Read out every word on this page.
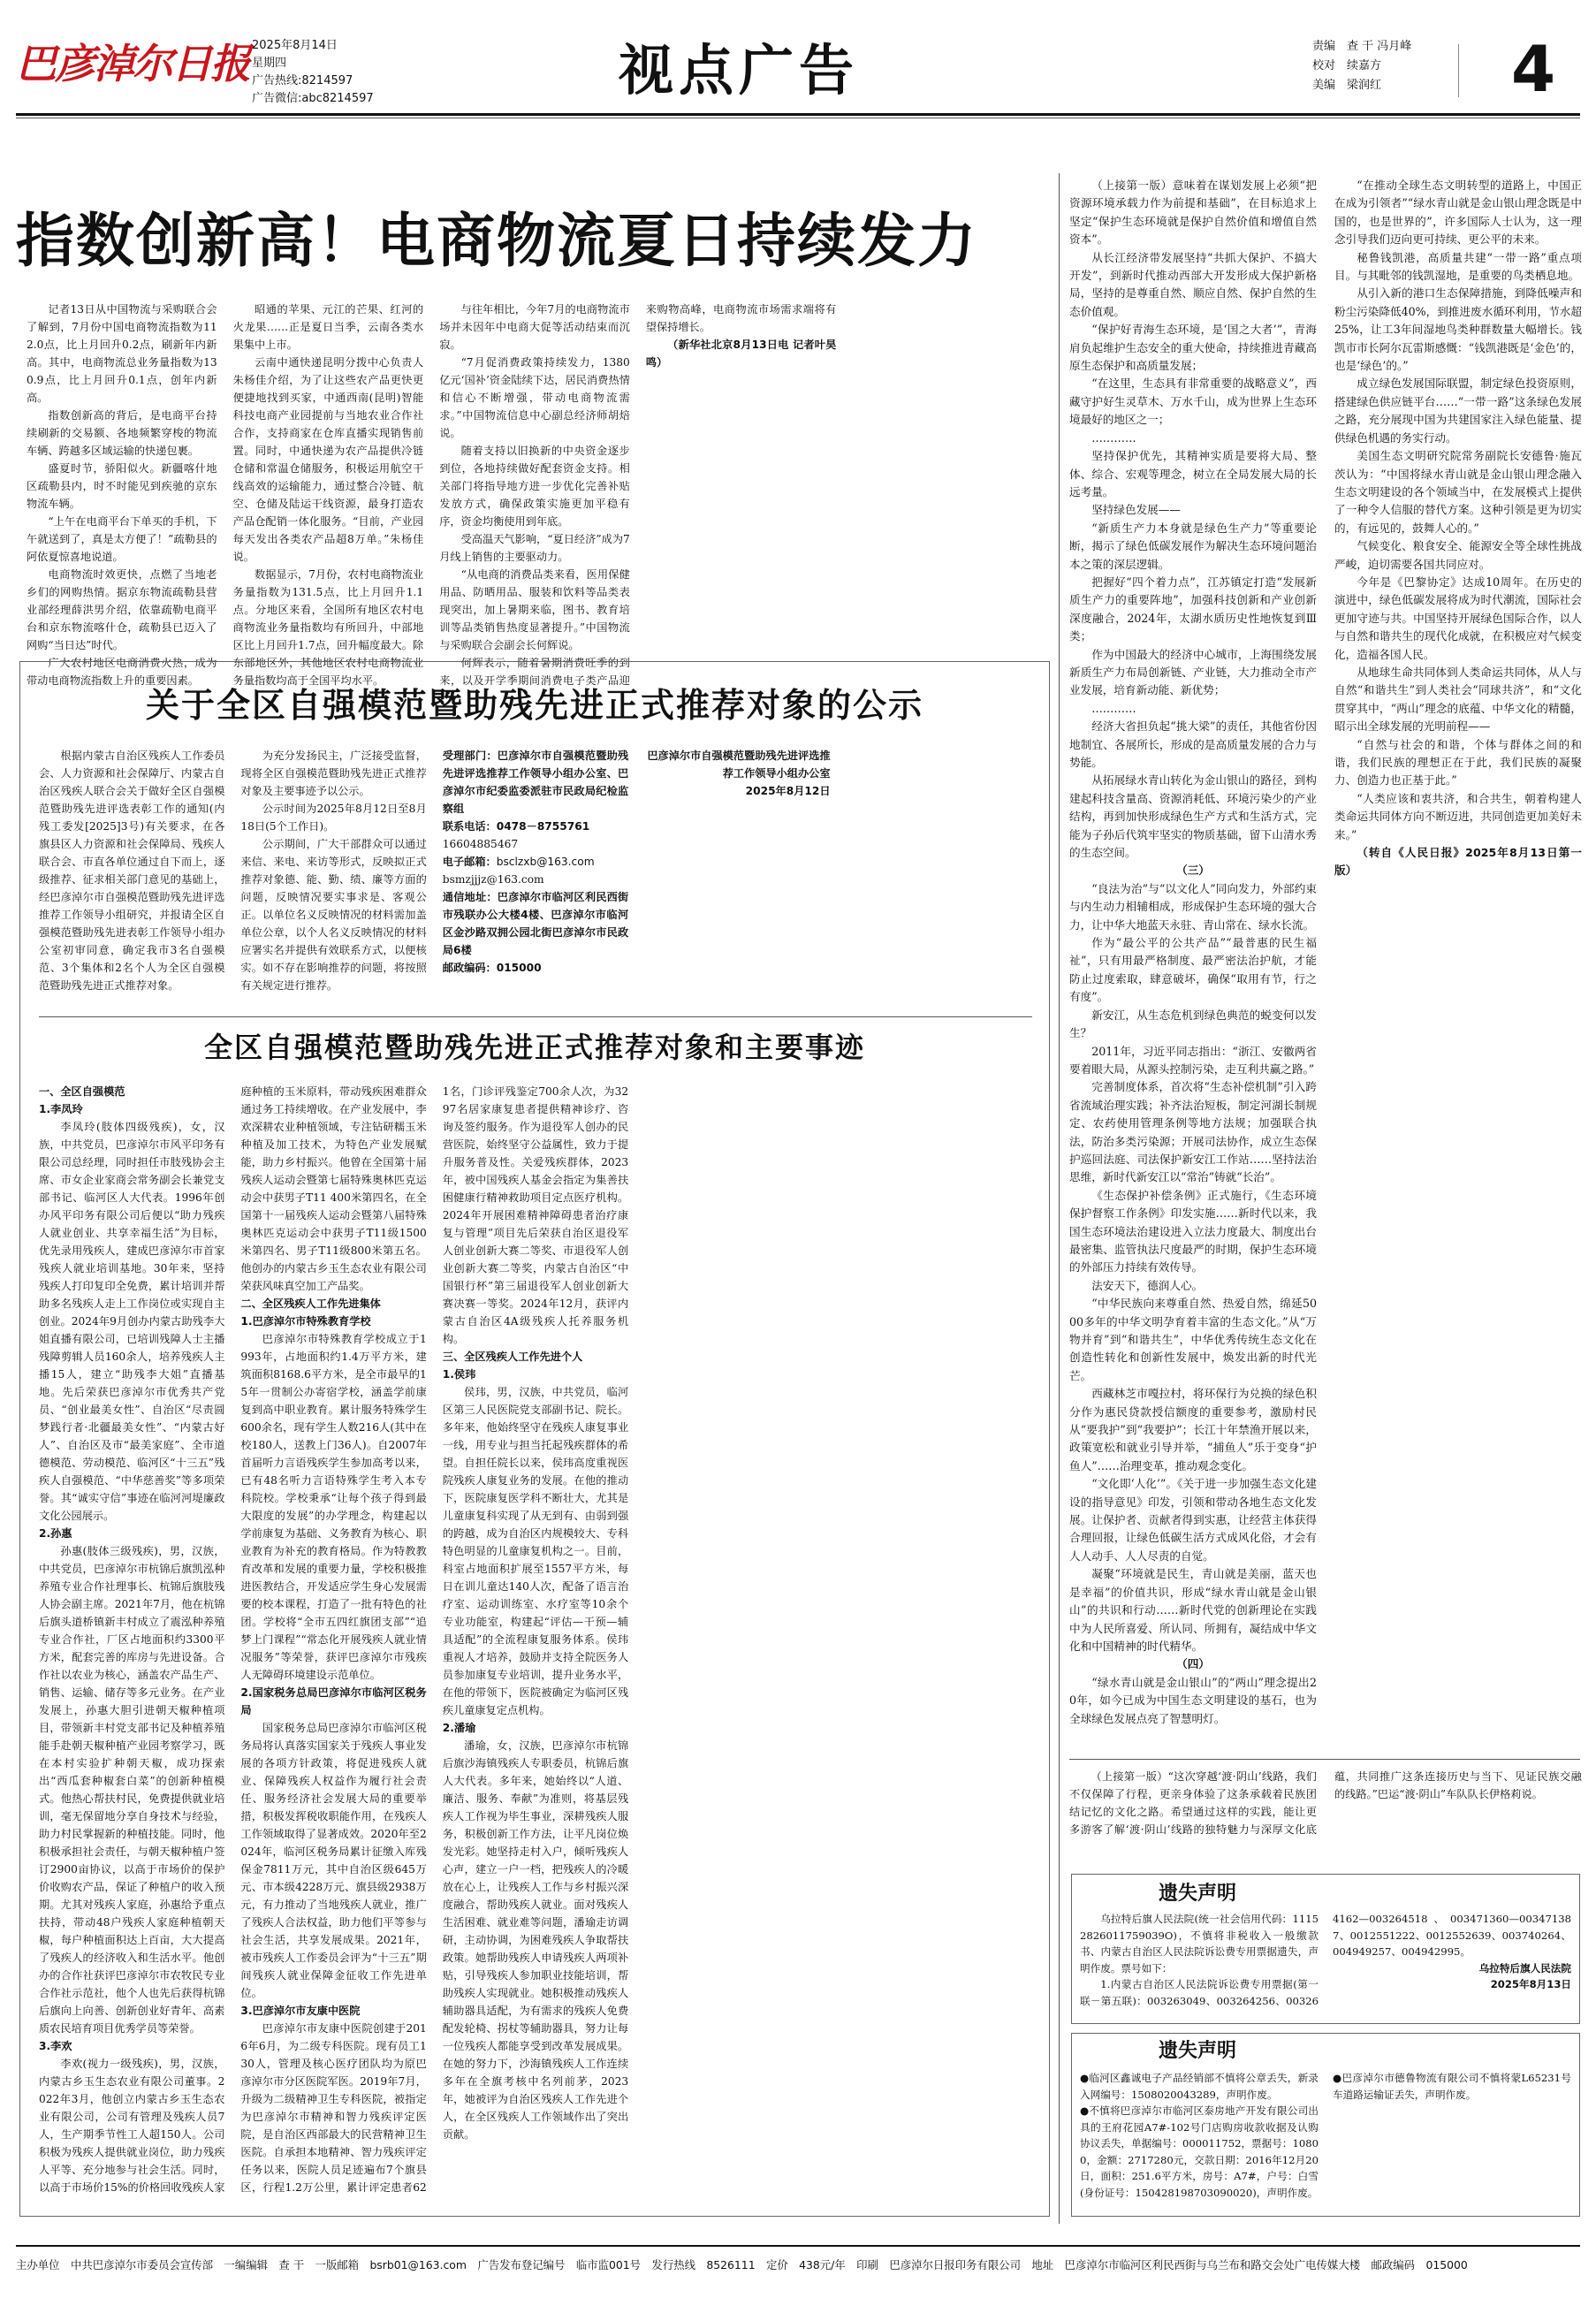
巴彦淖尔日报 2025年8月14日
星期四
广告热线:8214597
广告微信:abc8214597	视点广告	责编　 查 干 冯月峰
校对　 续嘉方
美编　 梁润红	4
指数创新高！电商物流夏日持续发力

记者13日从中国物流与采购联合会了解到，7月份中国电商物流指数为112.0点，比上月回升0.2点，刷新年内新高。其中，电商物流总业务量指数为130.9点，比上月回升0.1点，创年内新高。

指数创新高的背后，是电商平台持续刷新的交易额、各地频繁穿梭的物流车辆、跨越多区域运输的快递包裹。

盛夏时节，骄阳似火。新疆喀什地区疏勒县内，时不时能见到疾驰的京东物流车辆。

“上午在电商平台下单买的手机，下午就送到了，真是太方便了！”疏勒县的阿依夏惊喜地说道。

电商物流时效更快，点燃了当地老乡们的网购热情。据京东物流疏勒县营业部经理薛洪男介绍，依靠疏勒电商平台和京东物流喀什仓，疏勒县已迈入了网购“当日达”时代。

广大农村地区电商消费火热，成为带动电商物流指数上升的重要因素。

昭通的苹果、元江的芒果、红河的火龙果……正是夏日当季，云南各类水果集中上市。

云南中通快递昆明分拨中心负责人朱杨佳介绍，为了让这些农产品更快更便捷地找到买家，中通西南(昆明)智能科技电商产业园提前与当地农业合作社合作，支持商家在仓库直播实现销售前置。同时，中通快递为农产品提供冷链仓储和常温仓储服务，积极运用航空干线高效的运输能力，通过整合冷链、航空、仓储及陆运干线资源，最身打造农产品仓配销一体化服务。“目前，产业园每天发出各类农产品超8万单。”朱杨佳说。

数据显示，7月份，农村电商物流业务量指数为131.5点，比上月回升1.1点。分地区来看，全国所有地区农村电商物流业务量指数均有所回升，中部地区比上月回升1.7点，回升幅度最大。除东部地区外，其他地区农村电商物流业务量指数均高于全国平均水平。

与往年相比，今年7月的电商物流市场并未因年中电商大促等活动结束而沉寂。

“7月促消费政策持续发力，1380亿元‘国补’资金陆续下达，居民消费热情和信心不断增强，带动电商物流需求。”中国物流信息中心副总经济师胡焙说。

随着支持以旧换新的中央资金逐步到位，各地持续做好配套资金支持。相关部门将指导地方进一步优化完善补贴发放方式，确保政策实施更加平稳有序，资金均衡使用到年底。

受高温天气影响，“夏日经济”成为7月线上销售的主要驱动力。

“从电商的消费品类来看，医用保健用品、防晒用品、服装和饮料等品类表现突出，加上暑期来临，图书、教育培训等品类销售热度显著提升。”中国物流与采购联合会副会长何辉说。

何辉表示，随着暑期消费旺季的到来，以及开学季期间消费电子类产品迎来购物高峰，电商物流市场需求端将有望保持增长。

（新华社北京8月13日电 记者叶昊鸣）

关于全区自强模范暨助残先进正式推荐对象的公示

根据内蒙古自治区残疾人工作委员会、人力资源和社会保障厅、内蒙古自治区残疾人联合会关于做好全区自强模范暨助残先进评选表彰工作的通知(内残工委发[2025]3号)有关要求，在各旗县区人力资源和社会保障局、残疾人联合会、市直各单位通过自下而上，逐级推荐、征求相关部门意见的基础上，经巴彦淖尔市自强模范暨助残先进评选推荐工作领导小组研究，并报请全区自强模范暨助残先进表彰工作领导小组办公室初审同意，确定我市3名自强模范、3个集体和2名个人为全区自强模范暨助残先进正式推荐对象。

为充分发扬民主，广泛接受监督，现将全区自强模范暨助残先进正式推荐对象及主要事迹予以公示。

公示时间为2025年8月12日至8月18日(5个工作日)。

公示期间，广大干部群众可以通过来信、来电、来访等形式，反映拟正式推荐对象德、能、勤、绩、廉等方面的问题，反映情况要实事求是、客观公正。以单位名义反映情况的材料需加盖单位公章，以个人名义反映情况的材料应署实名并提供有效联系方式，以便核实。如不存在影响推荐的问题，将按照有关规定进行推荐。

受理部门：巴彦淖尔市自强模范暨助残先进评选推荐工作领导小组办公室、巴彦淖尔市纪委监委派驻市民政局纪检监察组

联系电话：0478－8755761

16604885467

电子邮箱：bsclzxb@163.com

bsmzjjjz@163.com

通信地址：巴彦淖尔市临河区利民西街市残联办公大楼4楼、巴彦淖尔市临河区金沙路双拥公园北街巴彦淖尔市民政局6楼

邮政编码：015000

巴彦淖尔市自强模范暨助残先进评选推荐工作领导小组办公室

2025年8月12日

全区自强模范暨助残先进正式推荐对象和主要事迹

一、全区自强模范

1.李凤玲

李凤玲(肢体四级残疾)，女，汉族，中共党员，巴彦淖尔市风平印务有限公司总经理，同时担任市肢残协会主席、市女企业家商会常务副会长兼党支部书记、临河区人大代表。1996年创办风平印务有限公司后便以“助力残疾人就业创业、共享幸福生活”为目标，优先录用残疾人，建成巴彦淖尔市首家残疾人就业培训基地。30年来，坚持残疾人打印复印全免费，累计培训并帮助多名残疾人走上工作岗位或实现自主创业。2024年9月创办内蒙古助残李大姐直播有限公司，已培训残障人士主播残障剪辑人员160余人，培养残疾人主播15人，建立“助残李大姐”直播基地。先后荣获巴彦淖尔市优秀共产党员、“创业最美女性”、自治区“尽责圆梦践行者·北疆最美女性”、“内蒙古好人”、自治区及市“最美家庭”、全市道德模范、劳动模范、临河区“十三五”残疾人自强模范、“中华慈善奖”等多项荣誉。其“诚实守信”事迹在临河河堤廉政文化公园展示。

2.孙惠

孙惠(肢体三级残疾)，男，汉族，中共党员，巴彦淖尔市杭锦后旗凯泓种养殖专业合作社理事长、杭锦后旗肢残人协会副主席。2021年7月，他在杭锦后旗头道桥镇新丰村成立了震泓种养殖专业合作社，厂区占地面积约3300平方米，配套完善的库房与先进设备。合作社以农业为核心，涵盖农产品生产、销售、运输、储存等多元业务。在产业发展上，孙惠大胆引进朝天椒种植项目，带领新丰村党支部书记及种植养殖能手赴朝天椒种植产业园考察学习，既在本村实验扩种朝天椒，成功探索出“西瓜套种椒套白菜”的创新种植模式。他热心帮扶村民，免费提供就业培训，毫无保留地分享自身技术与经验，助力村民掌握新的种植技能。同时，他积极承担社会责任，与朝天椒种植户签订2900亩协议，以高于市场价的保护价收购农产品，保证了种植户的收入预期。尤其对残疾人家庭，孙惠给予重点扶持，带动48户残疾人家庭种植朝天椒，每户种植面积达上百亩，大大提高了残疾人的经济收入和生活水平。他创办的合作社获评巴彦淖尔市农牧民专业合作社示范社，他个人也先后获得杭锦后旗向上向善、创新创业好青年、高素质农民培育项目优秀学员等荣誉。

3.李欢

李欢(视力一级残疾)，男，汉族，内蒙古乡玉生态农业有限公司董事。2022年3月，他创立内蒙古乡玉生态农业有限公司，公司有管理及残疾人员7人，生产期季节性工人超150人。公司积极为残疾人提供就业岗位，助力残疾人平等、充分地参与社会生活。同时，以高于市场价15%的价格回收残疾人家庭种植的玉米原料，带动残疾困难群众通过务工持续增收。在产业发展中，李欢深耕农业种植领域，专注钻研糯玉米种植及加工技术，为特色产业发展赋能，助力乡村振兴。他曾在全国第十届残疾人运动会暨第七届特殊奥林匹克运动会中获男子T11 400米第四名，在全国第十一届残疾人运动会暨第八届特殊奥林匹克运动会中获男子T11级1500米第四名、男子T11级800米第五名。他创办的内蒙古乡玉生态农业有限公司荣获风味真空加工产品奖。

二、全区残疾人工作先进集体

1.巴彦淖尔市特殊教育学校

巴彦淖尔市特殊教育学校成立于1993年，占地面积约1.4万平方米，建筑面积8168.6平方米，是全市最早的15年一贯制公办寄宿学校，涵盖学前康复到高中职业教育。累计服务特殊学生600余名，现有学生人数216人(其中在校180人，送教上门36人)。自2007年首届听力言语残疾学生参加高考以来，已有48名听力言语特殊学生考入本专科院校。学校秉承“让每个孩子得到最大限度的发展”的办学理念，构建起以学前康复为基础、义务教育为核心、职业教育为补充的教育格局。作为特教教育改革和发展的重要力量，学校积极推进医教结合，开发适应学生身心发展需要的校本课程，打造了一批有特色的社团。学校将“全市五四红旗团支部”“追梦上门课程”“常态化开展残疾人就业情况服务”等荣誉，获评巴彦淖尔市残疾人无障碍环境建设示范单位。

2.国家税务总局巴彦淖尔市临河区税务局

国家税务总局巴彦淖尔市临河区税务局将认真落实国家关于残疾人事业发展的各项方针政策，将促进残疾人就业、保障残疾人权益作为履行社会责任、服务经济社会发展大局的重要举措，积极发挥税收职能作用，在残疾人工作领域取得了显著成效。2020年至2024年，临河区税务局累计征缴入库残保金7811万元，其中自治区级645万元、市本级4228万元、旗县级2938万元，有力推动了当地残疾人就业，推广了残疾人合法权益，助力他们平等参与社会生活，共享发展成果。2021年，被市残疾人工作委员会评为“十三五”期间残疾人就业保障金征收工作先进单位。

3.巴彦淖尔市友康中医院

巴彦淖尔市友康中医院创建于2016年6月，为二级专科医院。现有员工130人，管理及核心医疗团队均为原巴彦淖尔市分区医院军医。2019年7月，升级为二级精神卫生专科医院，被指定为巴彦淖尔市精神和智力残疾评定医院，是自治区西部最大的民营精神卫生医院。自承担本地精神、智力残疾评定任务以来，医院人员足迹遍布7个旗县区，行程1.2万公里，累计评定患者621名，门诊评残鉴定700余人次，为3297名居家康复患者提供精神诊疗、咨询及签约服务。作为退役军人创办的民营医院，始终坚守公益属性，致力于提升服务普及性。关爱残疾群体，2023年，被中国残疾人基金会指定为集善扶困健康行精神救助项目定点医疗机构。2024年开展困难精神障碍患者治疗康复与管理”项目先后荣获自治区退役军人创业创新大赛二等奖、市退役军人创业创新大赛二等奖，内蒙古自治区“中国银行杯”第三届退役军人创业创新大赛决赛一等奖。2024年12月，获评内蒙古自治区4A级残疾人托养服务机构。

三、全区残疾人工作先进个人

1.侯玮

侯玮，男，汉族，中共党员，临河区第三人民医院党支部副书记、院长。多年来，他始终坚守在残疾人康复事业一线，用专业与担当托起残疾群体的希望。自担任院长以来，侯玮高度重视医院残疾人康复业务的发展。在他的推动下，医院康复医学科不断壮大，尤其是儿童康复科实现了从无到有、由弱到强的跨越，成为自治区内规模较大、专科特色明显的儿童康复机构之一。目前，科室占地面积扩展至1557平方米，每日在训儿童达140人次，配备了语言治疗室、运动训练室、水疗室等10余个专业功能室，构建起“评估—干预—辅具适配”的全流程康复服务体系。侯玮重视人才培养，鼓励并支持全院医务人员参加康复专业培训，提升业务水平，在他的带领下，医院被确定为临河区残疾儿童康复定点机构。

2.潘瑜

潘瑜，女，汉族，巴彦淖尔市杭锦后旗沙海镇残疾人专职委员，杭锦后旗人大代表。多年来，她始终以“人道、廉洁、服务、奉献”为准则，将基层残疾人工作视为毕生事业，深耕残疾人服务，积极创新工作方法，让平凡岗位焕发光彩。她坚持走村入户，倾听残疾人心声，建立一户一档，把残疾人的冷暖放在心上，让残疾人工作与乡村振兴深度融合，帮助残疾人就业。面对残疾人生活困难、就业难等问题，潘瑜走访调研，主动协调，为困难残疾人争取帮扶政策。她帮助残疾人申请残疾人两项补贴，引导残疾人参加职业技能培训，帮助残疾人实现就业。她积极推动残疾人辅助器具适配，为有需求的残疾人免费配发轮椅、拐杖等辅助器具，努力让每一位残疾人都能享受到改革发展成果。在她的努力下，沙海镇残疾人工作连续多年在全旗考核中名列前茅，2023年，她被评为自治区残疾人工作先进个人，在全区残疾人工作领域作出了突出贡献。

（上接第一版）意味着在谋划发展上必须“把资源环境承载力作为前提和基础”，在目标追求上坚定“保护生态环境就是保护自然价值和增值自然资本”。

从长江经济带发展坚持“共抓大保护、不搞大开发”，到新时代推动西部大开发形成大保护新格局，坚持的是尊重自然、顺应自然、保护自然的生态价值观。

“保护好青海生态环境，是‘国之大者’”，青海肩负起维护生态安全的重大使命，持续推进青藏高原生态保护和高质量发展；

“在这里，生态具有非常重要的战略意义”，西藏守护好生灵草木、万水千山，成为世界上生态环境最好的地区之一；

…………

坚持保护优先，其精神实质是要将大局、整体、综合、宏观等理念，树立在全局发展大局的长远考量。

坚持绿色发展——

“新质生产力本身就是绿色生产力”等重要论断，揭示了绿色低碳发展作为解决生态环境问题治本之策的深层逻辑。

把握好“四个着力点”，江苏镇定打造“发展新质生产力的重要阵地”，加强科技创新和产业创新深度融合，2024年，太湖水质历史性地恢复到Ⅲ类；

作为中国最大的经济中心城市，上海围绕发展新质生产力布局创新链、产业链，大力推动全市产业发展，培育新动能、新优势；

…………

经济大省担负起“挑大梁”的责任，其他省份因地制宜、各展所长，形成的是高质量发展的合力与势能。

从拓展绿水青山转化为金山银山的路径，到构建起科技含量高、资源消耗低、环境污染少的产业结构，再到加快形成绿色生产方式和生活方式，完能为子孙后代筑牢坚实的物质基础，留下山清水秀的生态空间。

（三）

“良法为治”与“以文化人”同向发力，外部约束与内生动力相辅相成，形成保护生态环境的强大合力，让中华大地蓝天永驻、青山常在、绿水长流。

作为“最公平的公共产品”“最普惠的民生福祉”，只有用最严格制度、最严密法治护航，才能防止过度索取，肆意破坏，确保“取用有节，行之有度”。

新安江，从生态危机到绿色典范的蜕变何以发生？

2011年，习近平同志指出：“浙江、安徽两省要着眼大局，从源头控制污染，走互利共赢之路。”

完善制度体系，首次将“生态补偿机制”引入跨省流域治理实践；补齐法治短板，制定河湖长制规定、农药使用管理条例等地方法规；加强联合执法，防治多类污染源；开展司法协作，成立生态保护巡回法庭、司法保护新安江工作站……坚持法治思维，新时代新安江以“常治”铸就“长治”。

《生态保护补偿条例》正式施行，《生态环境保护督察工作条例》印发实施……新时代以来，我国生态环境法治建设进入立法力度最大、制度出台最密集、监管执法尺度最严的时期，保护生态环境的外部压力持续有效传导。

法安天下，德润人心。

“中华民族向来尊重自然、热爱自然，绵延5000多年的中华文明孕育着丰富的生态文化。”从“万物并育”到“和谐共生”，中华优秀传统生态文化在创造性转化和创新性发展中，焕发出新的时代光芒。

西藏林芝市嘎拉村，将环保行为兑换的绿色积分作为惠民贷款授信额度的重要参考，激励村民从“要我护”到“我要护”；长江十年禁渔开展以来，政策宽松和就业引导并举，“捕鱼人”乐于变身“护鱼人”……治理变革，推动观念变化。

“文化即‘人化’”。《关于进一步加强生态文化建设的指导意见》印发，引领和带动各地生态文化发展。让保护者、贡献者得到实惠，让经营主体获得合理回报，让绿色低碳生活方式成风化俗，才会有人人动手、人人尽责的自觉。

凝聚“环境就是民生，青山就是美丽，蓝天也是幸福”的价值共识，形成“绿水青山就是金山银山”的共识和行动……新时代党的创新理论在实践中为人民所喜爱、所认同、所拥有，凝结成中华文化和中国精神的时代精华。

（四）

“绿水青山就是金山银山”的“两山”理念提出20年，如今已成为中国生态文明建设的基石，也为全球绿色发展点亮了智慧明灯。

“在推动全球生态文明转型的道路上，中国正在成为引领者”“绿水青山就是金山银山理念既是中国的，也是世界的”，许多国际人士认为，这一理念引导我们迈向更可持续、更公平的未来。

秘鲁钱凯港，高质量共建“一带一路”重点项目。与其毗邻的钱凯湿地，是重要的鸟类栖息地。

从引入新的港口生态保障措施，到降低噪声和粉尘污染降低40%，到推进废水循环利用，节水超25%，让工3年间湿地鸟类种群数量大幅增长。钱凯市市长阿尔瓦雷斯感慨：“钱凯港既是‘金色’的，也是‘绿色’的。”

成立绿色发展国际联盟，制定绿色投资原则，搭建绿色供应链平台……“一带一路”这条绿色发展之路，充分展现中国为共建国家注入绿色能量、提供绿色机遇的务实行动。

美国生态文明研究院常务副院长安德鲁·施瓦茨认为：“中国将绿水青山就是金山银山理念融入生态文明建设的各个领域当中，在发展模式上提供了一种令人信服的替代方案。这种引领是更为切实的，有远见的，鼓舞人心的。”

气候变化、粮食安全、能源安全等全球性挑战严峻，迫切需要各国共同应对。

今年是《巴黎协定》达成10周年。在历史的演进中，绿色低碳发展将成为时代潮流，国际社会更加守迹与共。中国坚持开展绿色国际合作，以人与自然和谐共生的现代化成就，在积极应对气候变化，造福各国人民。

从地球生命共同体到人类命运共同体，从人与自然“和谐共生”到人类社会“同球共济”，和“文化贯穿其中，“两山”理念的底蕴、中华文化的精髓，昭示出全球发展的光明前程——

“自然与社会的和谐，个体与群体之间的和谐，我们民族的理想正在于此，我们民族的凝聚力、创造力也正基于此。”

“人类应该和衷共济，和合共生，朝着构建人类命运共同体方向不断迈进，共同创造更加美好未来。”

（转自《人民日报》2025年8月13日第一版）

（上接第一版）“这次穿越‘渡·阴山’线路，我们不仅保障了行程，更亲身体验了这条承载着民族团结记忆的文化之路。希望通过这样的实践，能让更多游客了解‘渡·阴山’线路的独特魅力与深厚文化底蕴，共同推广这条连接历史与当下、见证民族交融的线路。”巴运“渡·阴山”车队队长伊格莉说。

遗失声明

乌拉特后旗人民法院(统一社会信用代码：11152826011759039O)，不慎将非税收入一般缴款书、内蒙古自治区人民法院诉讼费专用票据遗失，声明作废。票号如下：

1.内蒙古自治区人民法院诉讼费专用票据(第一联－第五联)：003263049、003264256、003264162—003264518、003471360—003471387、0012551222、0012552639、003740264、004949257、004942995。

乌拉特后旗人民法院

2025年8月13日

遗失声明

●临河区鑫诚电子产品经销部不慎将公章丢失，新录入网编号：1508020043289，声明作废。

●不慎将巴彦淖尔市临河区泰房地产开发有限公司出具的王府花园A7#-102号门店购房收款收据及认购协议丢失，单据编号：000011752，票据号：10800，金额：2717280元，交款日期：2016年12月20日，面积：251.6平方米，房号：A7#，户号：白雪(身份证号：150428198703090020)，声明作废。

●巴彦淖尔市德鲁物流有限公司不慎将蒙L65231号车道路运输证丢失，声明作废。

主办单位　中共巴彦淖尔市委员会宣传部　一编编辑　查 干　一版邮箱　bsrb01@163.com　广告发布登记编号　临市监001号　发行热线　8526111　定价　438元/年　印刷　巴彦淖尔日报印务有限公司　地址　巴彦淖尔市临河区利民西街与乌兰布和路交会处广电传媒大楼　邮政编码　015000
